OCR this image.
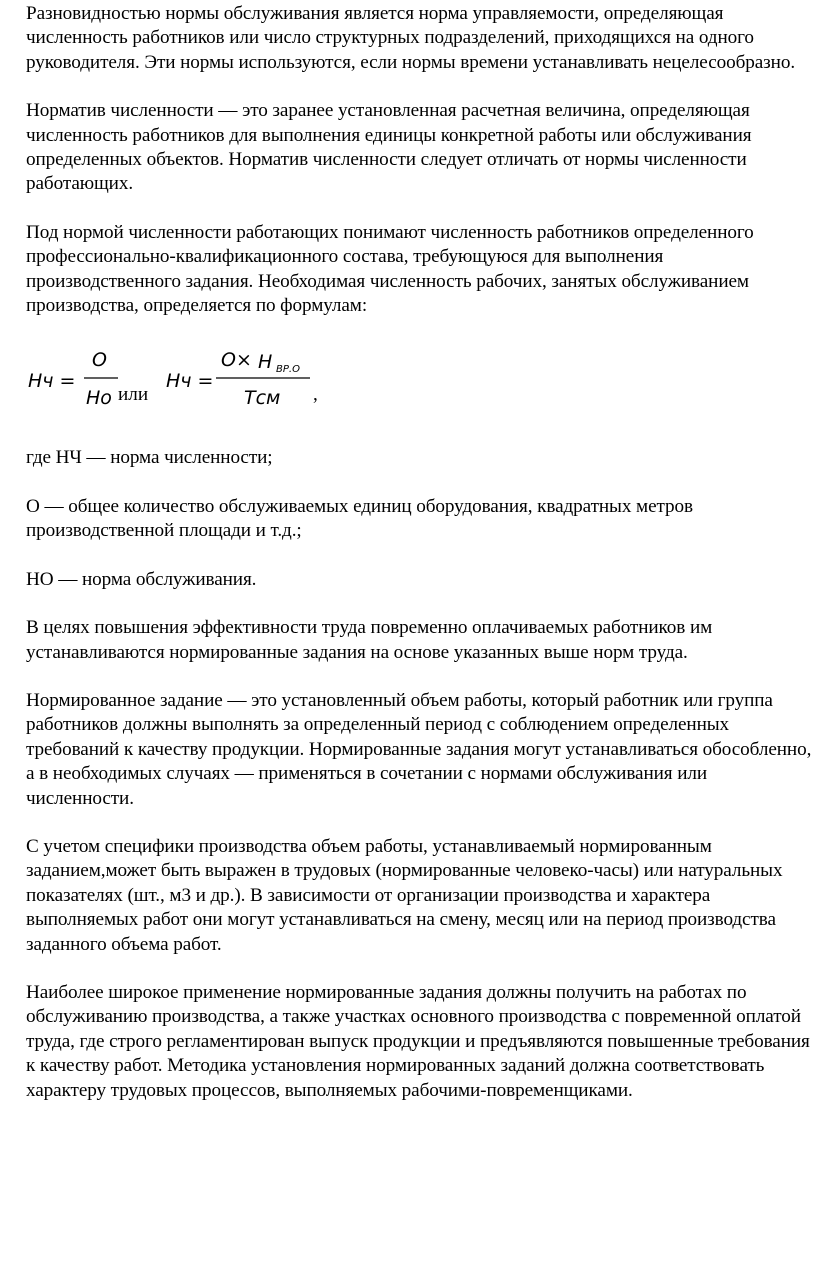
Разновидностью нормы обслуживания является норма управляемости, определяющая численность работников или число структурных подразделений, приходящихся на одного руководителя. Эти нормы используются, если нормы времени устанавливать нецелесообразно.

Норматив численности — это заранее установленная расчетная величина, определяющая численность работников для выполнения единицы конкретной работы или обслуживания определенных объектов. Норматив численности следует отличать от нормы численности работающих.

Под нормой численности работающих понимают численность работников определенного профессионально-квалификационного состава, требующуюся для выполнения производственного задания. Необходимая численность рабочих, занятых обслуживанием производства, определяется по формулам:

Нч =
О
Но
Нч =
О× Н ВР.О
Тсм
или	,

где НЧ — норма численности;

О — общее количество обслуживаемых единиц оборудования, квадратных метров производственной площади и т.д.;

НО — норма обслуживания.

В целях повышения эффективности труда повременно оплачиваемых работников им устанавливаются нормированные задания на основе указанных выше норм труда.

Нормированное задание — это установленный объем работы, который работник или группа работников должны выполнять за определенный период с соблюдением определенных требований к качеству продукции. Нормированные задания могут устанавливаться обособленно, а в необходимых случаях — применяться в сочетании с нормами обслуживания или численности.

С учетом специфики производства объем работы, устанавливаемый нормированным заданием,может быть выражен в трудовых (нормированные человеко-часы) или натуральных показателях (шт., м3 и др.). В зависимости от организации производства и характера выполняемых работ они могут устанавливаться на смену, месяц или на период производства заданного объема работ.

Наиболее широкое применение нормированные задания должны получить на работах по обслуживанию производства, а также участках основного производства с повременной оплатой труда, где строго регламентирован выпуск продукции и предъявляются повышенные требования к качеству работ. Методика установления нормированных заданий должна соответствовать характеру трудовых процессов, выполняемых рабочими-повременщиками.
